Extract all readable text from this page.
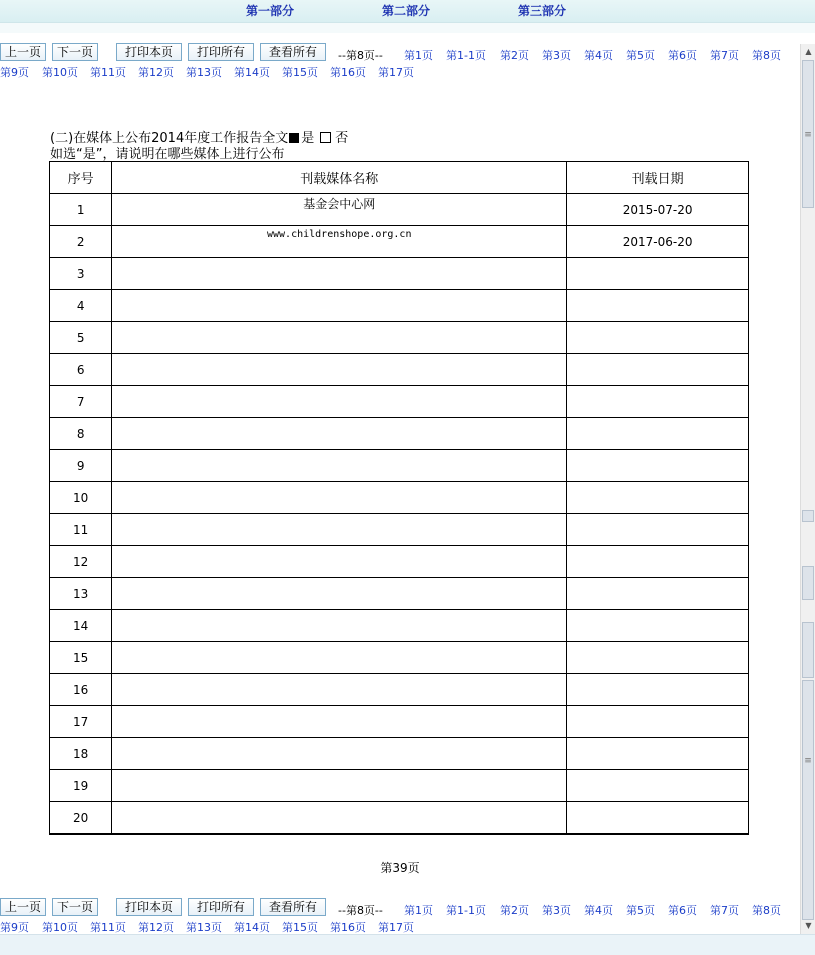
第一部分	第二部分	第三部分
上一页	下一页	打印本页	打印所有	查看所有	--第8页-- 第1页 第1-1页 第2页 第3页 第4页 第5页 第6页 第7页 第8页
第9页 第10页 第11页 第12页 第13页 第14页 第15页 第16页 第17页
(二)在媒体上公布2014年度工作报告全文 是 否
如选“是”，请说明在哪些媒体上进行公布
序号	刊载媒体名称	刊载日期
1	基金会中心网	2015-07-20
2	www.childrenshope.org.cn	2017-06-20
3	

4	

5	

6	

7	

8	

9	

10	

11	

12	

13	

14	

15	

16	

17	

18	

19	

20	

第39页
上一页	下一页	打印本页	打印所有	查看所有	--第8页-- 第1页 第1-1页 第2页 第3页 第4页 第5页 第6页 第7页 第8页
第9页 第10页 第11页 第12页 第13页 第14页 第15页 第16页 第17页
▲
≡
≡
▼
